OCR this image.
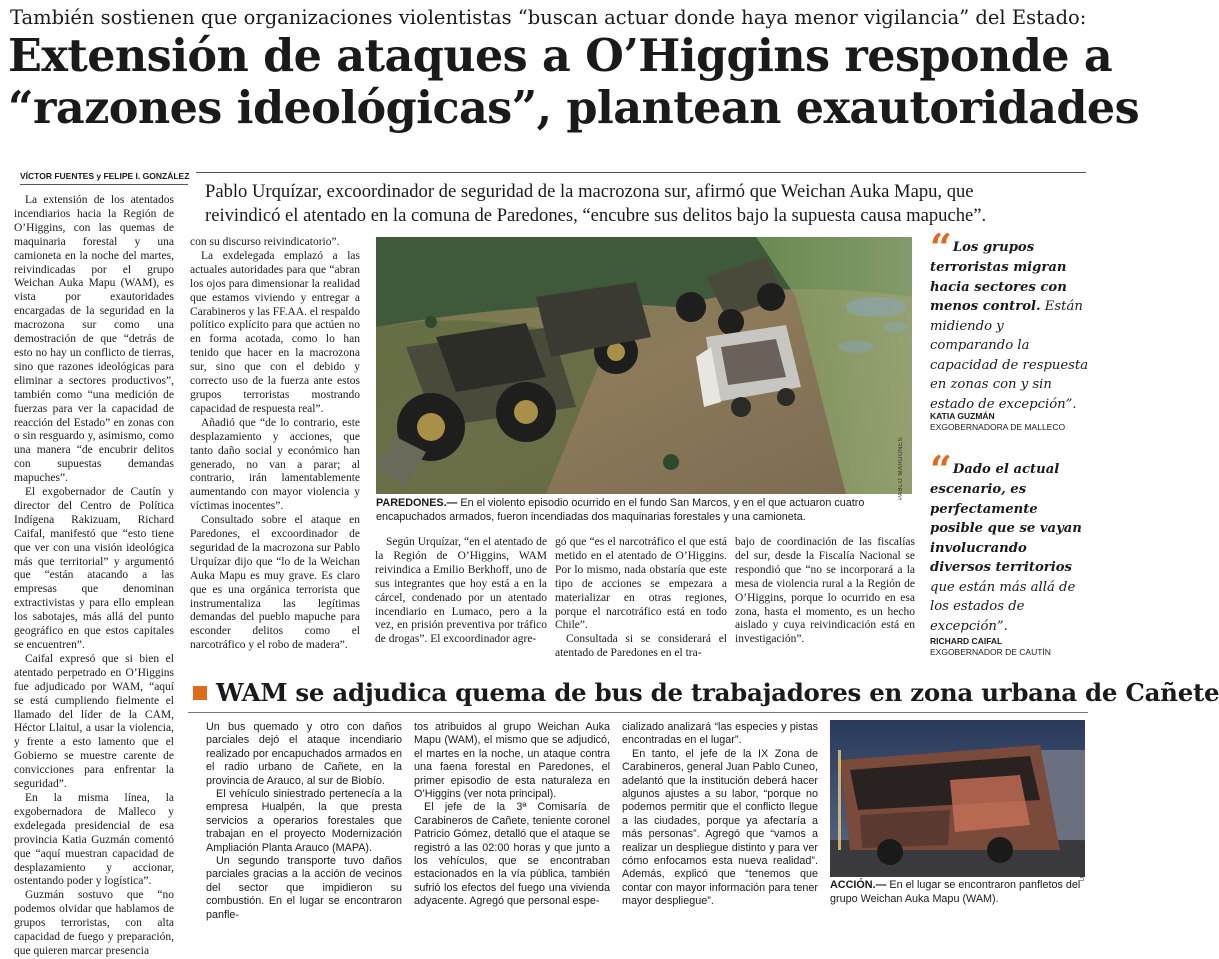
También sostienen que organizaciones violentistas “buscan actuar donde haya menor vigilancia” del Estado:
Extensión de ataques a O’Higgins responde a
“razones ideológicas”, plantean exautoridades
VÍCTOR FUENTES y FELIPE I. GONZÁLEZ
Pablo Urquízar, excoordinador de seguridad de la macrozona sur, afirmó que Weichan Auka Mapu, que
reivindicó el atentado en la comuna de Paredones, “encubre sus delitos bajo la supuesta causa mapuche”.

La extensión de los atentados incendiarios hacia la Región de O’Higgins, con las quemas de maquinaria forestal y una camioneta en la noche del martes, reivindicadas por el grupo Weichan Auka Mapu (WAM), es vista por exautoridades encargadas de la seguridad en la macrozona sur como una demostración de que “detrás de esto no hay un conflicto de tierras, sino que razones ideológicas para eliminar a sectores productivos”, también como “una medición de fuerzas para ver la capacidad de reacción del Estado” en zonas con o sin resguardo y, asimismo, como una manera “de encubrir delitos con supuestas demandas mapuches”.

El exgobernador de Cautín y director del Centro de Política Indígena Rakizuam, Richard Caifal, manifestó que “esto tiene que ver con una visión ideológica más que territorial” y argumentó que “están atacando a las empresas que denominan extractivistas y para ello emplean los sabotajes, más allá del punto geográfico en que estos capitales se encuentren”.

Caifal expresó que si bien el atentado perpetrado en O’Higgins fue adjudicado por WAM, “aquí se está cumpliendo fielmente el llamado del líder de la CAM, Héctor Llaitul, a usar la violencia, y frente a esto lamento que el Gobierno se muestre carente de convicciones para enfrentar la seguridad”.

En la misma línea, la exgobernadora de Malleco y exdelegada presidencial de esa provincia Katia Guzmán comentó que “aquí muestran capacidad de desplazamiento y accionar, ostentando poder y logística”.

Guzmán sostuvo que “no podemos olvidar que hablamos de grupos terroristas, con alta capacidad de fuego y preparación, que quieren marcar presencia

con su discurso reivindicatorio”.

La exdelegada emplazó a las actuales autoridades para que “abran los ojos para dimensionar la realidad que estamos viviendo y entregar a Carabineros y las FF.AA. el respaldo político explícito para que actúen no en forma acotada, como lo han tenido que hacer en la macrozona sur, sino que con el debido y correcto uso de la fuerza ante estos grupos terroristas mostrando capacidad de respuesta real”.

Añadió que “de lo contrario, este desplazamiento y acciones, que tanto daño social y económico han generado, no van a parar; al contrario, irán lamentablemente aumentando con mayor violencia y víctimas inocentes”.

Consultado sobre el ataque en Paredones, el excoordinador de seguridad de la macrozona sur Pablo Urquízar dijo que “lo de la Weichan Auka Mapu es muy grave. Es claro que es una orgánica terrorista que instrumentaliza las legítimas demandas del pueblo mapuche para esconder delitos como el narcotráfico y el robo de madera”.

PABLO MARDONES
PAREDONES.— En el violento episodio ocurrido en el fundo San Marcos, y en el que actuaron cuatro encapuchados armados, fueron incendiadas dos maquinarias forestales y una camioneta.

Según Urquízar, “en el atentado de la Región de O’Higgins, WAM reivindica a Emilio Berkhoff, uno de sus integrantes que hoy está a en la cárcel, condenado por un atentado incendiario en Lumaco, pero a la vez, en prisión preventiva por tráfico de drogas”. El excoordinador agre-

gó que “es el narcotráfico el que está metido en el atentado de O’Higgins. Por lo mismo, nada obstaría que este tipo de acciones se empezara a materializar en otras regiones, porque el narcotráfico está en todo Chile”.

Consultada si se considerará el atentado de Paredones en el tra-

bajo de coordinación de las fiscalías del sur, desde la Fiscalía Nacional se respondió que “no se incorporará a la mesa de violencia rural a la Región de O’Higgins, porque lo ocurrido en esa zona, hasta el momento, es un hecho aislado y cuya reivindicación está en investigación”.

“ Los grupos terroristas migran hacia sectores con menos control. Están midiendo y comparando la capacidad de respuesta en zonas con y sin estado de excepción”.
KATIA GUZMÁN
EXGOBERNADORA DE MALLECO
“ Dado el actual escenario, es perfectamente posible que se vayan involucrando diversos territorios que están más allá de los estados de excepción”.
RICHARD CAIFAL
EXGOBERNADOR DE CAUTÍN
WAM se adjudica quema de bus de trabajadores en zona urbana de Cañete

Un bus quemado y otro con daños parciales dejó el ataque incendiario realizado por encapuchados armados en el radio urbano de Cañete, en la provincia de Arauco, al sur de Biobío.

El vehículo siniestrado pertenecía a la empresa Hualpén, la que presta servicios a operarios forestales que trabajan en el proyecto Modernización Ampliación Planta Arauco (MAPA).

Un segundo transporte tuvo daños parciales gracias a la acción de vecinos del sector que impidieron su combustión. En el lugar se encontraron panfle-

tos atribuidos al grupo Weichan Auka Mapu (WAM), el mismo que se adjudicó, el martes en la noche, un ataque contra una faena forestal en Paredones, el primer episodio de esta naturaleza en O’Higgins (ver nota principal).

El jefe de la 3ª Comisaría de Carabineros de Cañete, teniente coronel Patricio Gómez, detalló que el ataque se registró a las 02:00 horas y que junto a los vehículos, que se encontraban estacionados en la vía pública, también sufrió los efectos del fuego una vivienda adyacente. Agregó que personal espe-

cializado analizará “las especies y pistas encontradas en el lugar”.

En tanto, el jefe de la IX Zona de Carabineros, general Juan Pablo Cuneo, adelantó que la institución deberá hacer algunos ajustes a su labor, “porque no podemos permitir que el conflicto llegue a las ciudades, porque ya afectaría a más personas”. Agregó que “vamos a realizar un despliegue distinto y para ver cómo enfocamos esta nueva realidad”. Además, explicó que “tenemos que contar con mayor información para tener mayor despliegue”.

DANIEL ROA
ACCIÓN.— En el lugar se encontraron panfletos del grupo Weichan Auka Mapu (WAM).
